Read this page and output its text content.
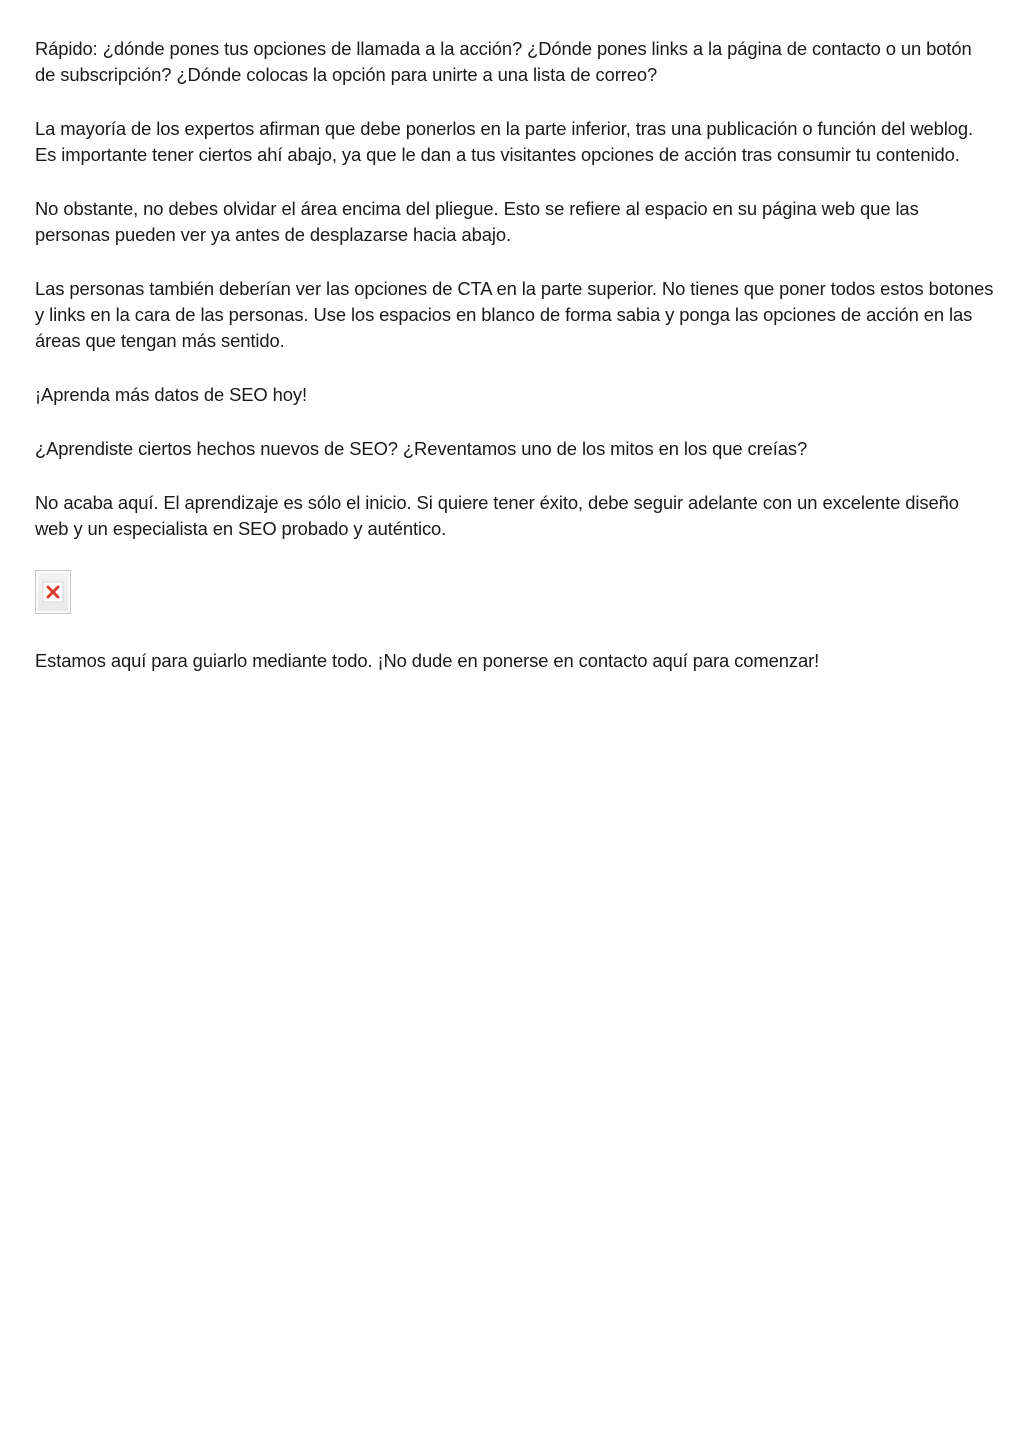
Rápido: ¿dónde pones tus opciones de llamada a la acción? ¿Dónde pones links a la página de contacto o un botón de subscripción? ¿Dónde colocas la opción para unirte a una lista de correo?

La mayoría de los expertos afirman que debe ponerlos en la parte inferior, tras una publicación o función del weblog. Es importante tener ciertos ahí abajo, ya que le dan a tus visitantes opciones de acción tras consumir tu contenido.

No obstante, no debes olvidar el área encima del pliegue. Esto se refiere al espacio en su página web que las personas pueden ver ya antes de desplazarse hacia abajo.

Las personas también deberían ver las opciones de CTA en la parte superior. No tienes que poner todos estos botones y links en la cara de las personas. Use los espacios en blanco de forma sabia y ponga las opciones de acción en las áreas que tengan más sentido.

¡Aprenda más datos de SEO hoy!

¿Aprendiste ciertos hechos nuevos de SEO? ¿Reventamos uno de los mitos en los que creías?

No acaba aquí. El aprendizaje es sólo el inicio. Si quiere tener éxito, debe seguir adelante con un excelente diseño web y un especialista en SEO probado y auténtico.

Estamos aquí para guiarlo mediante todo. ¡No dude en ponerse en contacto aquí para comenzar!
